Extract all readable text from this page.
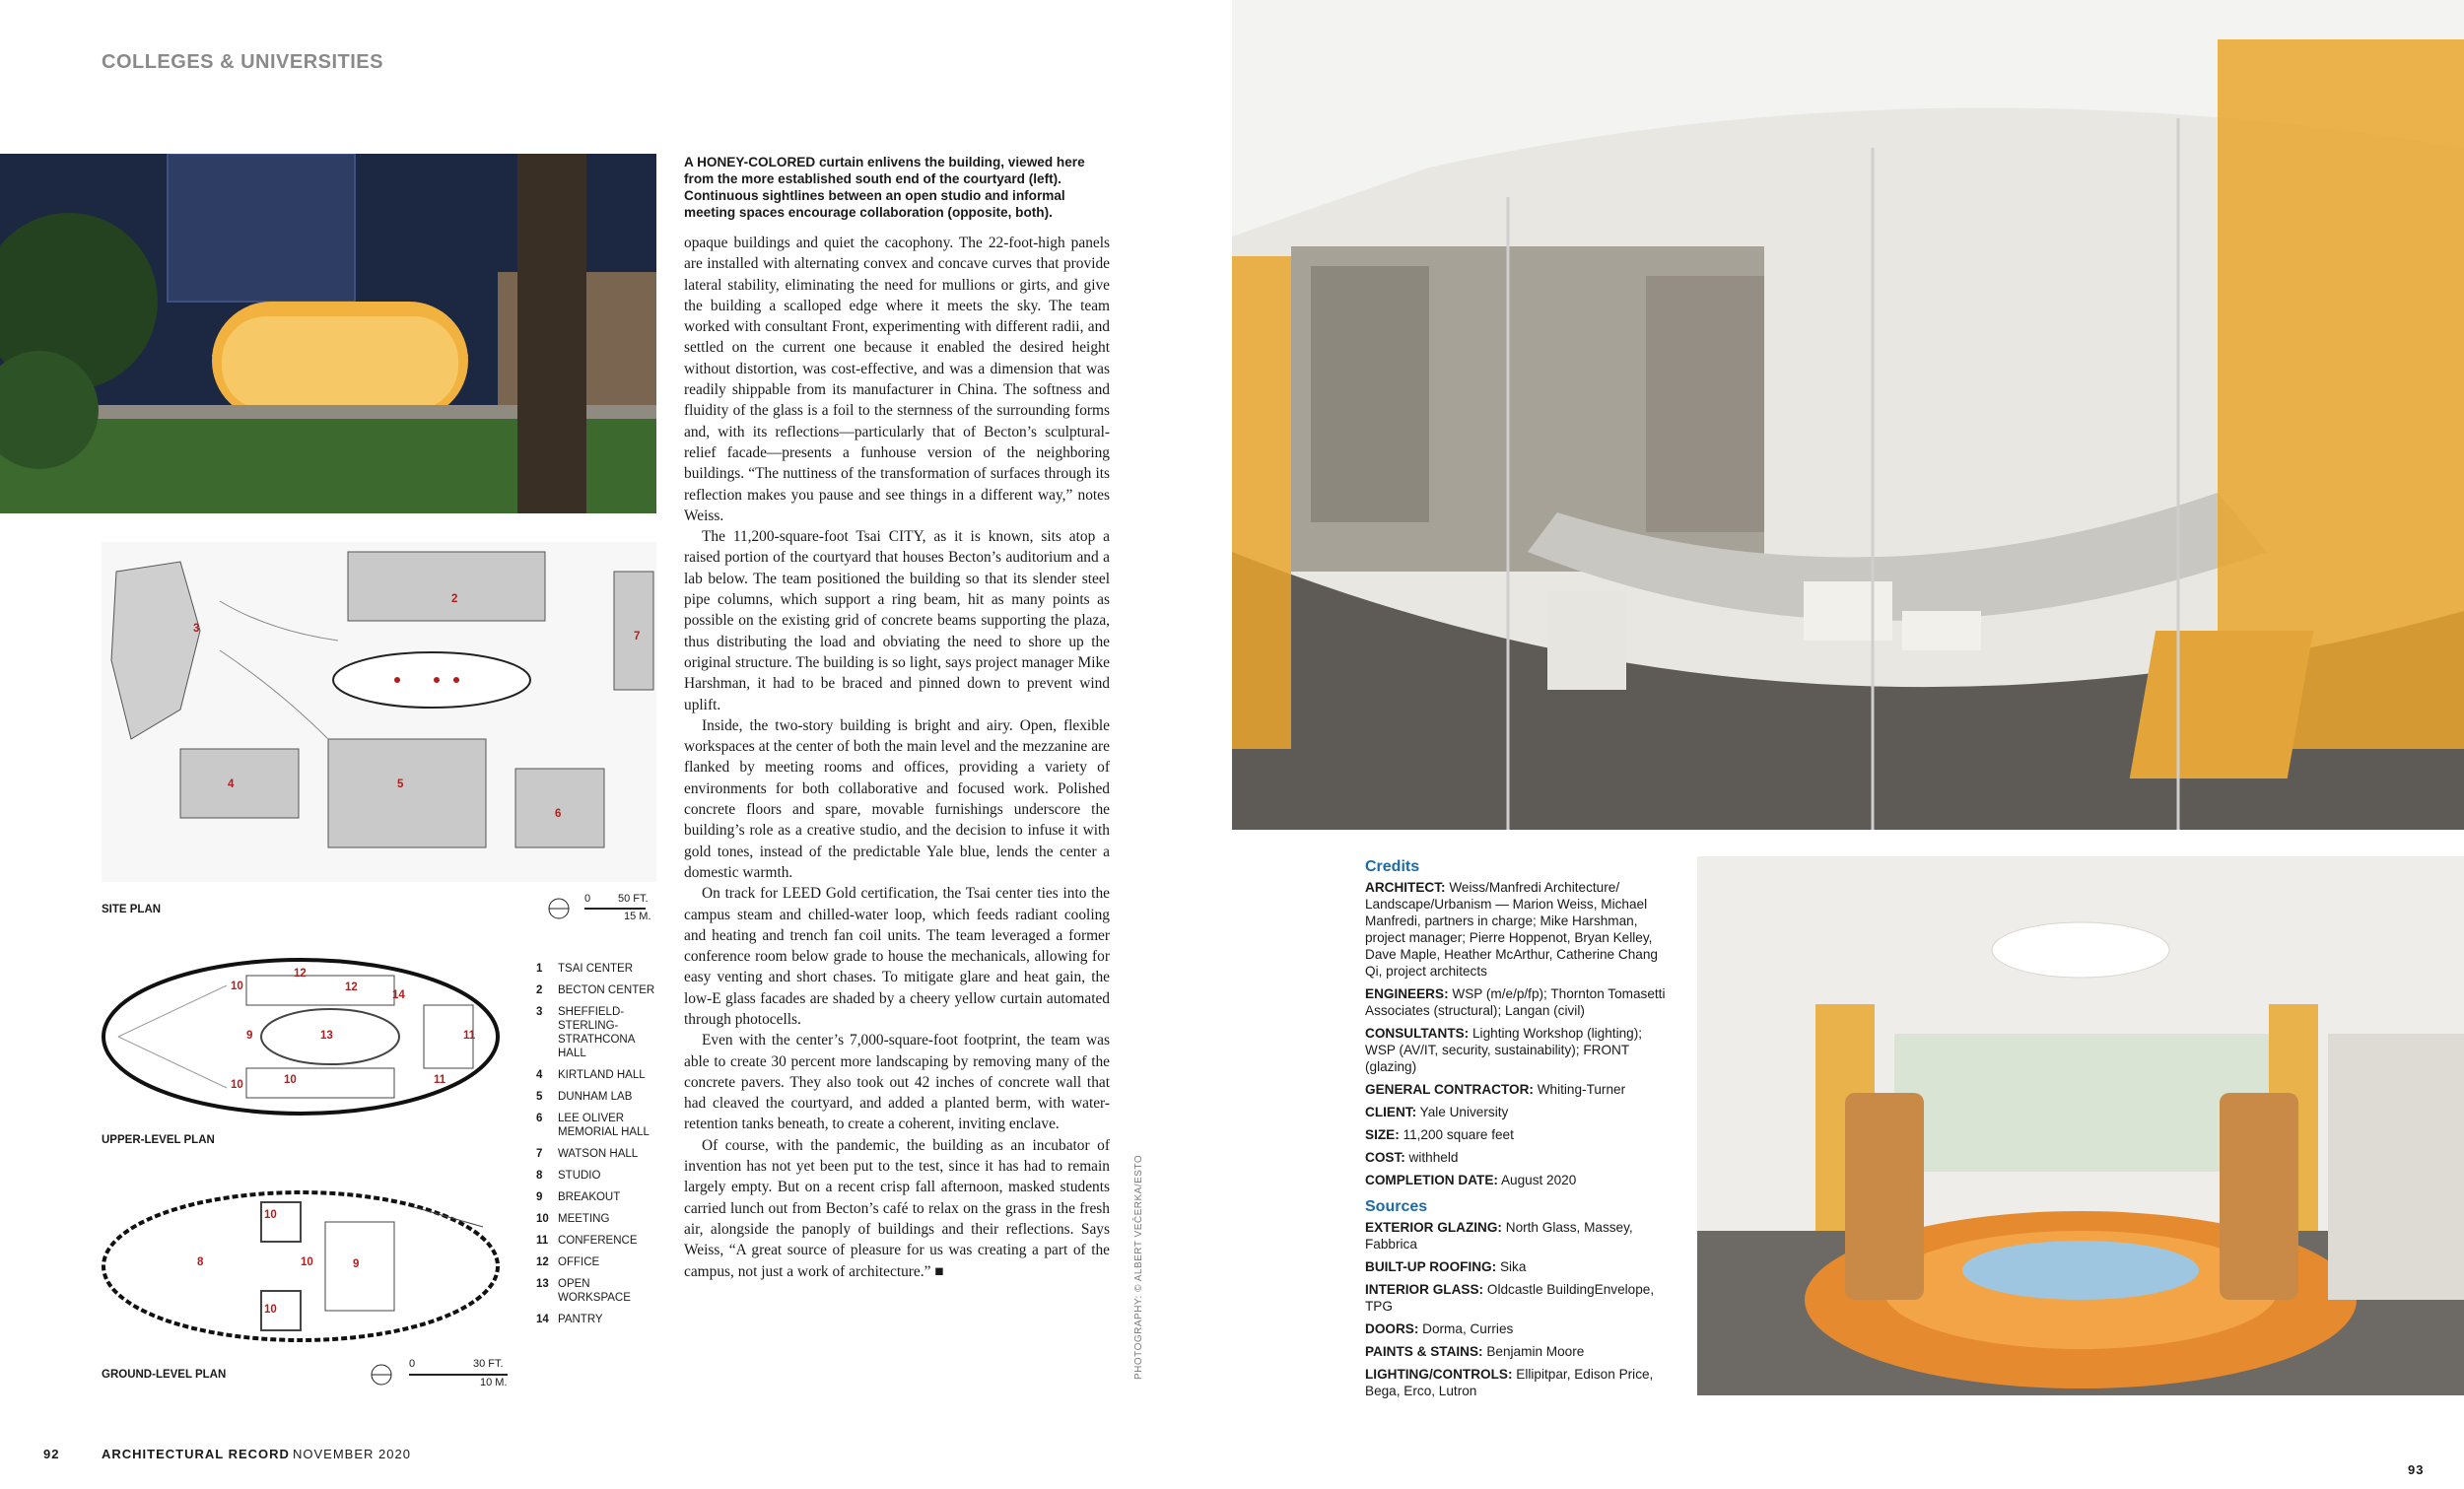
COLLEGES & UNIVERSITIES
A HONEY-COLORED curtain enlivens the building, viewed here from the more established south end of the courtyard (left). Continuous sightlines between an open studio and informal meeting spaces encourage collaboration (opposite, both).

opaque buildings and quiet the cacophony. The 22-foot-high panels are installed with alternating convex and concave curves that provide lateral stability, eliminating the need for mullions or girts, and give the building a scalloped edge where it meets the sky. The team worked with consultant Front, experimenting with different radii, and settled on the current one because it enabled the desired height without distortion, was cost-effective, and was a dimension that was readily shippable from its manufacturer in China. The softness and fluidity of the glass is a foil to the sternness of the surrounding forms and, with its reflections—particularly that of Becton’s sculptural-relief facade—presents a funhouse version of the neighboring buildings. “The nuttiness of the transformation of surfaces through its reflection makes you pause and see things in a different way,” notes Weiss.

The 11,200-square-foot Tsai CITY, as it is known, sits atop a raised portion of the courtyard that houses Becton’s auditorium and a lab below. The team positioned the building so that its slender steel pipe columns, which support a ring beam, hit as many points as possible on the existing grid of concrete beams supporting the plaza, thus distributing the load and obviating the need to shore up the original structure. The building is so light, says project manager Mike Harshman, it had to be braced and pinned down to prevent wind uplift.

Inside, the two-story building is bright and airy. Open, flexible workspaces at the center of both the main level and the mezzanine are flanked by meeting rooms and offices, providing a variety of environments for both collaborative and focused work. Polished concrete floors and spare, movable furnishings underscore the building’s role as a creative studio, and the decision to infuse it with gold tones, instead of the predictable Yale blue, lends the center a domestic warmth.

On track for LEED Gold certification, the Tsai center ties into the campus steam and chilled-water loop, which feeds radiant cooling and heating and trench fan coil units. The team leveraged a former conference room below grade to house the mechanicals, allowing for easy venting and short chases. To mitigate glare and heat gain, the low-E glass facades are shaded by a cheery yellow curtain automated through photocells.

Even with the center’s 7,000-square-foot footprint, the team was able to create 30 percent more landscaping by removing many of the concrete pavers. They also took out 42 inches of concrete wall that had cleaved the courtyard, and added a planted berm, with water-retention tanks beneath, to create a coherent, inviting enclave.

Of course, with the pandemic, the building as an incubator of invention has not yet been put to the test, since it has had to remain largely empty. But on a recent crisp fall afternoon, masked students carried lunch out from Becton’s café to relax on the grass in the fresh air, alongside the panoply of buildings and their reflections. Says Weiss, “A great source of pleasure for us was creating a part of the campus, not just a work of architecture.” ■

2
3
4	5
6
7
SITE PLAN
0	50 FT.
15 M.
10
12
12
14
11
9	13
10	11
10
UPPER-LEVEL PLAN
10
8	10	9
10
GROUND-LEVEL PLAN
0	30 FT.
10 M.
1	TSAI CENTER
2	BECTON CENTER
3	SHEFFIELD-STERLING-STRATHCONA HALL
4	KIRTLAND HALL
5	DUNHAM LAB
6	LEE OLIVER MEMORIAL HALL
7	WATSON HALL
8	STUDIO
9	BREAKOUT
10 MEETING
11 CONFERENCE
12 OFFICE
13 OPEN WORKSPACE
14 PANTRY	PHOTOGRAPHY: © ALBERT VEČERKA/ESTO
Credits
ARCHITECT: Weiss/Manfredi Architecture/ Landscape/Urbanism — Marion Weiss, Michael Manfredi, partners in charge; Mike Harshman, project manager; Pierre Hoppenot, Bryan Kelley, Dave Maple, Heather McArthur, Catherine Chang Qi, project architects
ENGINEERS: WSP (m/e/p/fp); Thornton Tomasetti Associates (structural); Langan (civil)
CONSULTANTS: Lighting Workshop (lighting); WSP (AV/IT, security, sustainability); FRONT (glazing)
GENERAL CONTRACTOR: Whiting-Turner
CLIENT: Yale University
SIZE: 11,200 square feet
COST: withheld
COMPLETION DATE: August 2020
Sources
EXTERIOR GLAZING: North Glass, Massey, Fabbrica
BUILT-UP ROOFING: Sika
INTERIOR GLASS: Oldcastle BuildingEnvelope, TPG
DOORS: Dorma, Curries
PAINTS & STAINS: Benjamin Moore
LIGHTING/CONTROLS: Ellipitpar, Edison Price, Bega, Erco, Lutron
92	ARCHITECTURAL RECORD NOVEMBER 2020
93
